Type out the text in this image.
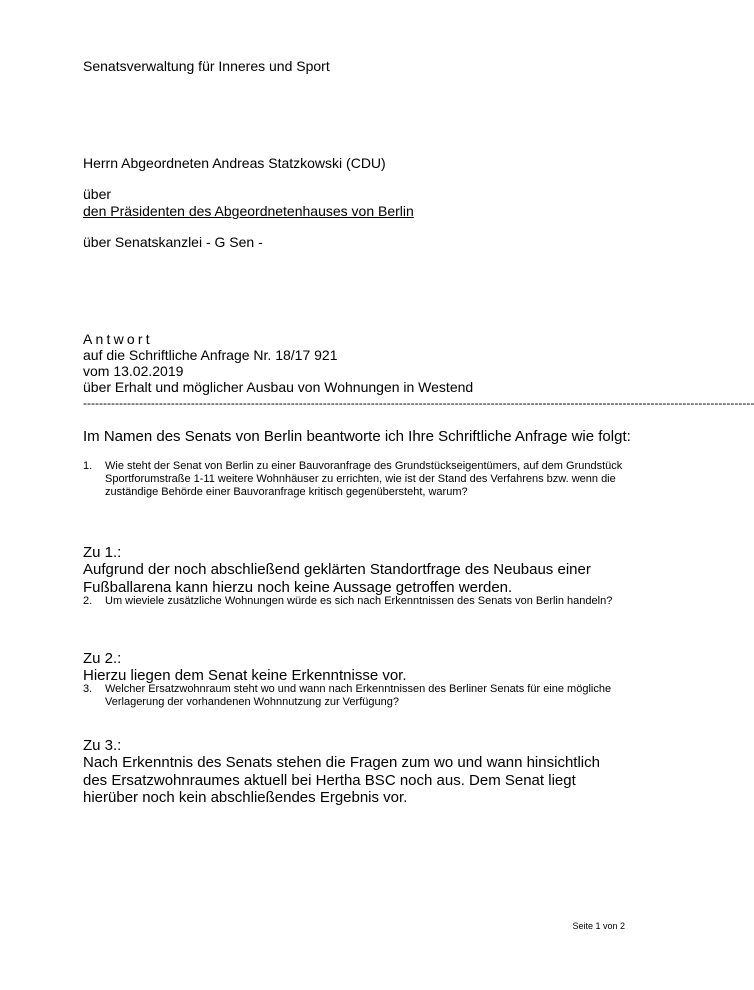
Senatsverwaltung für Inneres und Sport

Herrn Abgeordneten Andreas Statzkowski (CDU)

über

den Präsidenten des Abgeordnetenhauses von Berlin

über Senatskanzlei - G Sen -

Antwort

auf die Schriftliche Anfrage Nr. 18/17 921

vom 13.02.2019

über Erhalt und möglicher Ausbau von Wohnungen in Westend

------------------------------------------------------------------------------------------------------------------------------------------------------------------------

Im Namen des Senats von Berlin beantworte ich Ihre Schriftliche Anfrage wie folgt:

1.	Wie steht der Senat von Berlin zu einer Bauvoranfrage des Grundstückseigentümers, auf dem Grundstück Sportforumstraße 1-11 weitere Wohnhäuser zu errichten, wie ist der Stand des Verfahrens bzw. wenn die zuständige Behörde einer Bauvoranfrage kritisch gegenübersteht, warum?

Zu 1.:

Aufgrund der noch abschließend geklärten Standortfrage des Neubaus einer Fußballarena kann hierzu noch keine Aussage getroffen werden.

2.	Um wieviele zusätzliche Wohnungen würde es sich nach Erkenntnissen des Senats von Berlin handeln?

Zu 2.:

Hierzu liegen dem Senat keine Erkenntnisse vor.

3.	Welcher Ersatzwohnraum steht wo und wann nach Erkenntnissen des Berliner Senats für eine mögliche Verlagerung der vorhandenen Wohnnutzung zur Verfügung?

Zu 3.:

Nach Erkenntnis des Senats stehen die Fragen zum wo und wann hinsichtlich des Ersatzwohnraumes aktuell bei Hertha BSC noch aus. Dem Senat liegt hierüber noch kein abschließendes Ergebnis vor.

Seite 1 von 2
